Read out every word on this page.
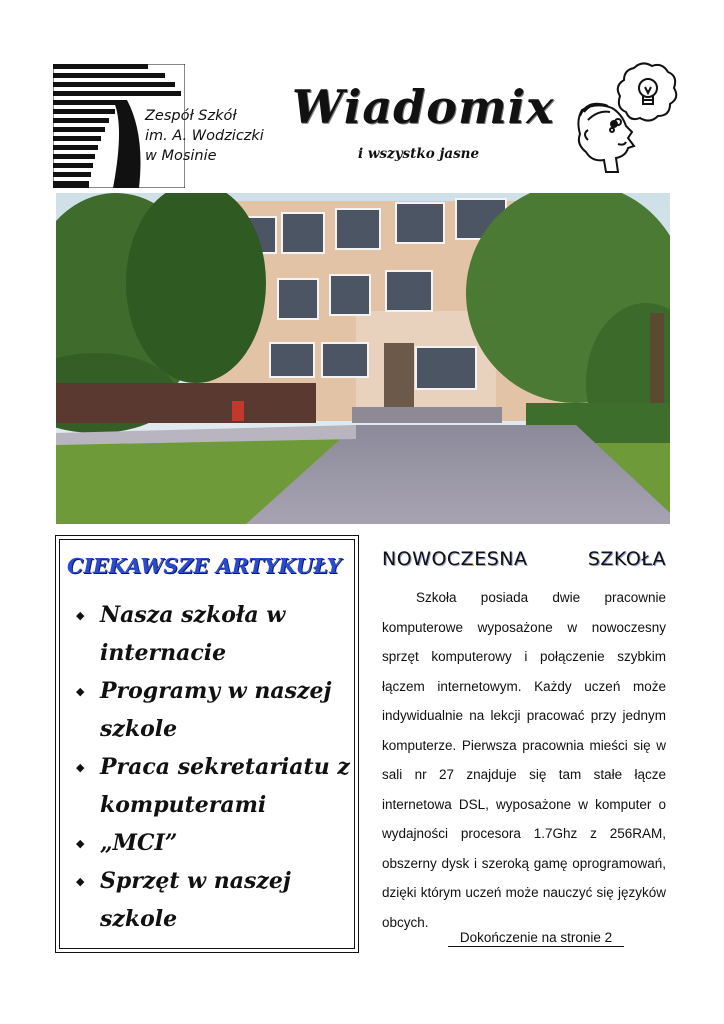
Zespół Szkół
im. A. Wodziczki
w Mosinie
Wiadomix
i wszystko jasne
CIEKAWSZE ARTYKUŁY
◆ Nasza szkoła w internacie
◆ Programy w naszej szkole
◆ Praca sekretariatu z komputerami
◆ „MCI”
◆ Sprzęt w naszej szkole
NOWOCZESNA	SZKOŁA
Szkoła posiada dwie pracownie komputerowe wyposażone w nowoczesny sprzęt komputerowy i połączenie szybkim łączem internetowym. Każdy uczeń może indywidualnie na lekcji pracować przy jednym komputerze. Pierwsza pracownia mieści się w sali nr 27 znajduje się tam stałe łącze internetowa DSL, wyposażone w komputer o wydajności procesora 1.7Ghz z 256RAM, obszerny dysk i szeroką gamę oprogramowań, dzięki którym uczeń może nauczyć się języków obcych.
Dokończenie na stronie 2
